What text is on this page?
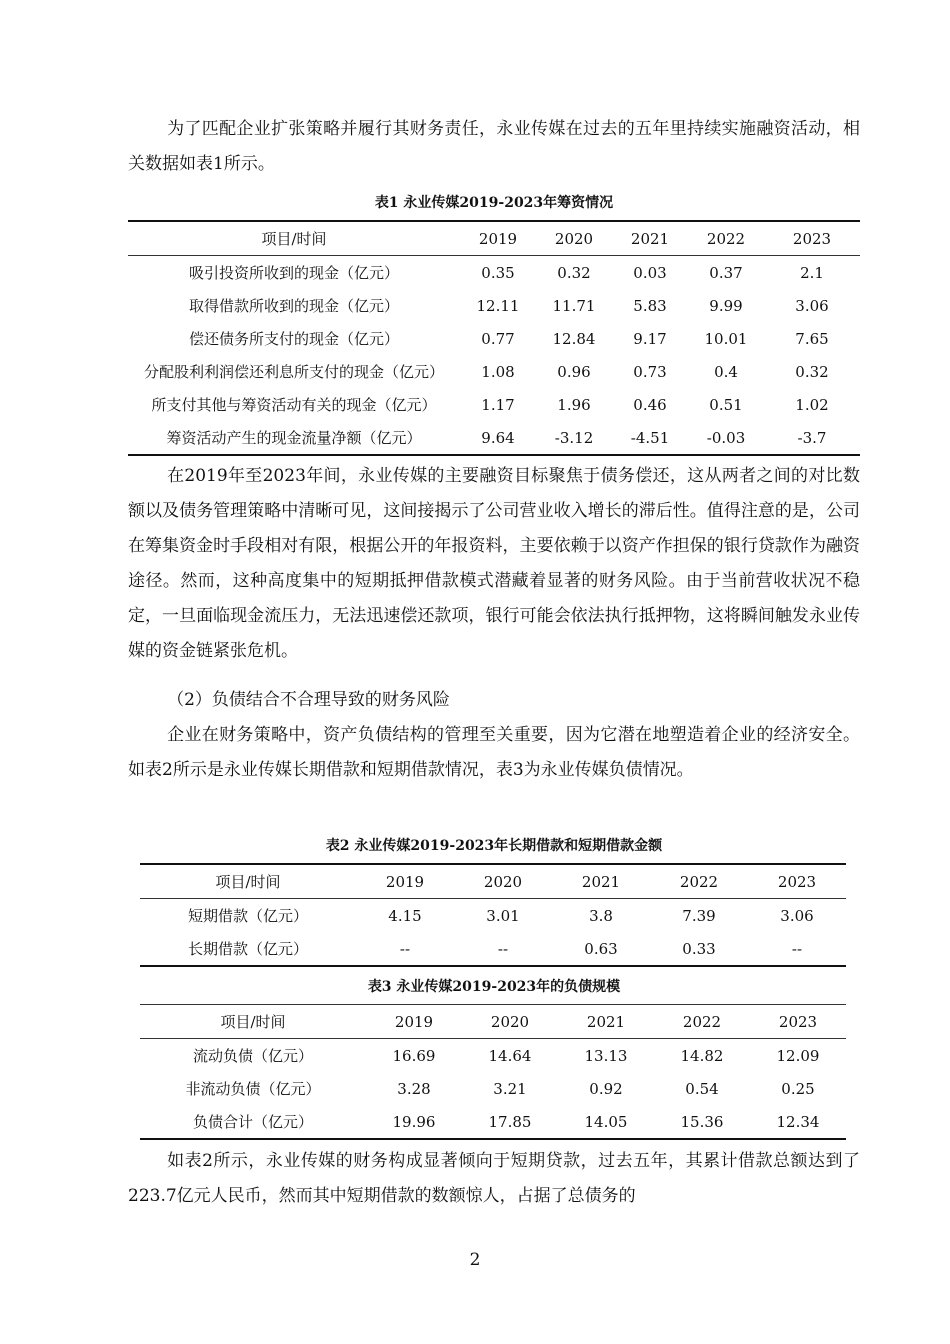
为了匹配企业扩张策略并履行其财务责任，永业传媒在过去的五年里持续实施融资活动，相关数据如表1所示。

表1 永业传媒2019-2023年筹资情况

项目/时间	2019	2020	2021	2022	2023
吸引投资所收到的现金（亿元）	0.35	0.32	0.03	0.37	2.1
取得借款所收到的现金（亿元）	12.11	11.71	5.83	9.99	3.06
偿还债务所支付的现金（亿元）	0.77	12.84	9.17	10.01	7.65
分配股利利润偿还利息所支付的现金（亿元）	1.08	0.96	0.73	0.4	0.32
所支付其他与筹资活动有关的现金（亿元）	1.17	1.96	0.46	0.51	1.02
筹资活动产生的现金流量净额（亿元）	9.64	-3.12	-4.51	-0.03	-3.7

在2019年至2023年间，永业传媒的主要融资目标聚焦于债务偿还，这从两者之间的对比数额以及债务管理策略中清晰可见，这间接揭示了公司营业收入增长的滞后性。值得注意的是，公司在筹集资金时手段相对有限，根据公开的年报资料，主要依赖于以资产作担保的银行贷款作为融资途径。然而，这种高度集中的短期抵押借款模式潜藏着显著的财务风险。由于当前营收状况不稳定，一旦面临现金流压力，无法迅速偿还款项，银行可能会依法执行抵押物，这将瞬间触发永业传媒的资金链紧张危机。

（2）负债结合不合理导致的财务风险

企业在财务策略中，资产负债结构的管理至关重要，因为它潜在地塑造着企业的经济安全。如表2所示是永业传媒长期借款和短期借款情况，表3为永业传媒负债情况。

表2 永业传媒2019-2023年长期借款和短期借款金额

项目/时间	2019	2020	2021	2022	2023
短期借款（亿元）	4.15	3.01	3.8	7.39	3.06
长期借款（亿元）	--	--	0.63	0.33	--

表3 永业传媒2019-2023年的负债规模

项目/时间	2019	2020	2021	2022	2023
流动负债（亿元）	16.69	14.64	13.13	14.82	12.09
非流动负债（亿元）	3.28	3.21	0.92	0.54	0.25
负债合计（亿元）	19.96	17.85	14.05	15.36	12.34

如表2所示，永业传媒的财务构成显著倾向于短期贷款，过去五年，其累计借款总额达到了223.7亿元人民币，然而其中短期借款的数额惊人，占据了总债务的

2
